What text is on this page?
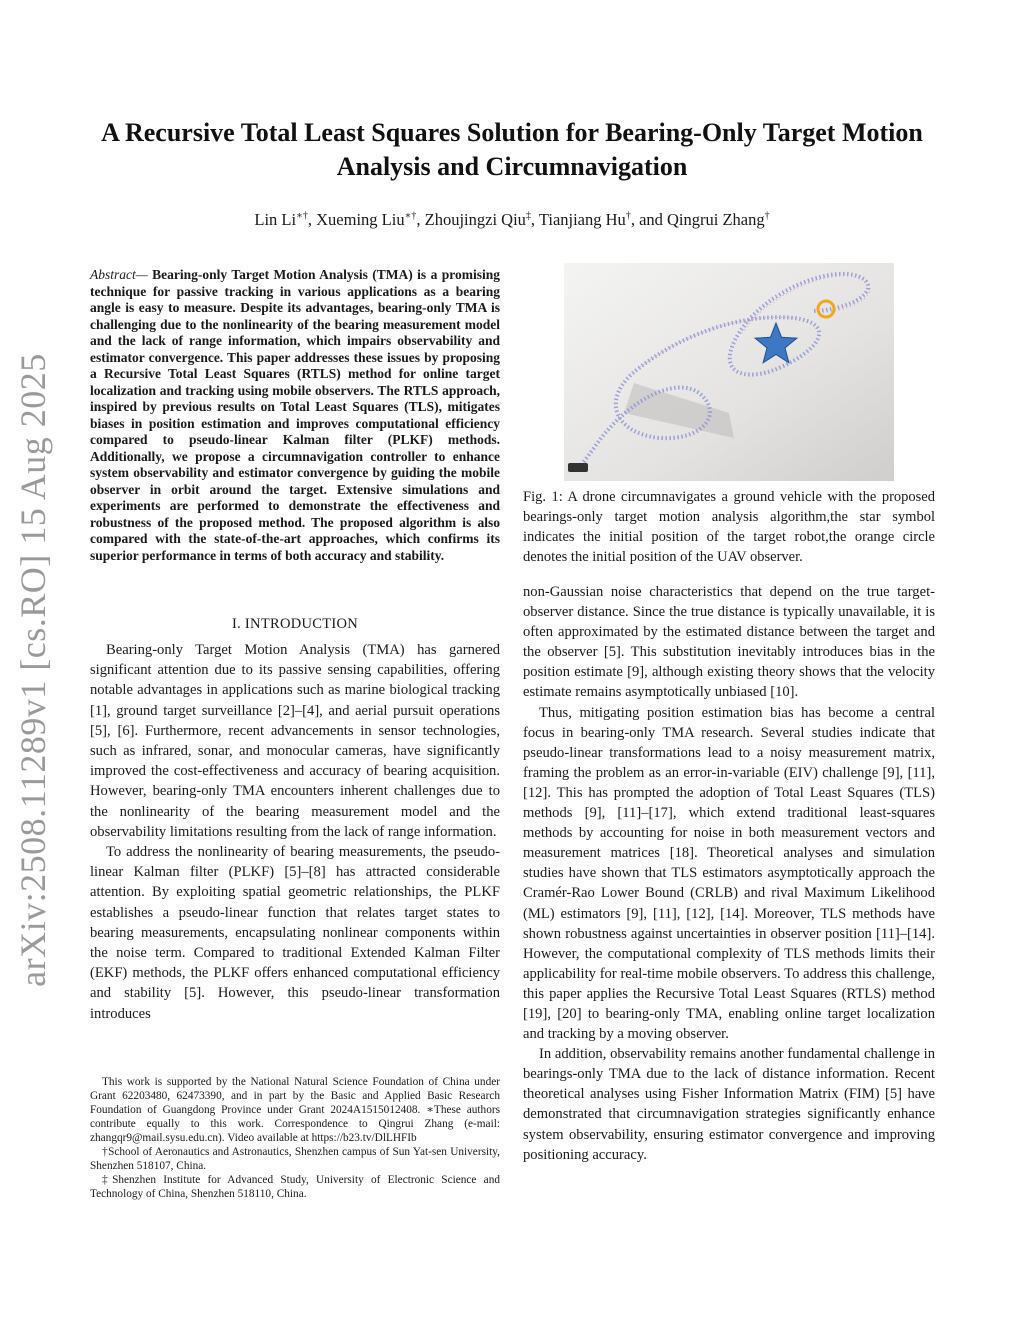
arXiv:2508.11289v1 [cs.RO] 15 Aug 2025
A Recursive Total Least Squares Solution for Bearing-Only Target Motion Analysis and Circumnavigation
Lin Li∗†, Xueming Liu∗†, Zhoujingzi Qiu‡, Tianjiang Hu†, and Qingrui Zhang†
Abstract— Bearing-only Target Motion Analysis (TMA) is a promising technique for passive tracking in various applications as a bearing angle is easy to measure. Despite its advantages, bearing-only TMA is challenging due to the nonlinearity of the bearing measurement model and the lack of range information, which impairs observability and estimator convergence. This paper addresses these issues by proposing a Recursive Total Least Squares (RTLS) method for online target localization and tracking using mobile observers. The RTLS approach, inspired by previous results on Total Least Squares (TLS), mitigates biases in position estimation and improves computational efficiency compared to pseudo-linear Kalman filter (PLKF) methods. Additionally, we propose a circumnavigation controller to enhance system observability and estimator convergence by guiding the mobile observer in orbit around the target. Extensive simulations and experiments are performed to demonstrate the effectiveness and robustness of the proposed method. The proposed algorithm is also compared with the state-of-the-art approaches, which confirms its superior performance in terms of both accuracy and stability.
I. INTRODUCTION

Bearing-only Target Motion Analysis (TMA) has garnered significant attention due to its passive sensing capabilities, offering notable advantages in applications such as marine biological tracking [1], ground target surveillance [2]–[4], and aerial pursuit operations [5], [6]. Furthermore, recent advancements in sensor technologies, such as infrared, sonar, and monocular cameras, have significantly improved the cost-effectiveness and accuracy of bearing acquisition. However, bearing-only TMA encounters inherent challenges due to the nonlinearity of the bearing measurement model and the observability limitations resulting from the lack of range information.

To address the nonlinearity of bearing measurements, the pseudo-linear Kalman filter (PLKF) [5]–[8] has attracted considerable attention. By exploiting spatial geometric relationships, the PLKF establishes a pseudo-linear function that relates target states to bearing measurements, encapsulating nonlinear components within the noise term. Compared to traditional Extended Kalman Filter (EKF) methods, the PLKF offers enhanced computational efficiency and stability [5]. However, this pseudo-linear transformation introduces

This work is supported by the National Natural Science Foundation of China under Grant 62203480, 62473390, and in part by the Basic and Applied Basic Research Foundation of Guangdong Province under Grant 2024A1515012408. ∗These authors contribute equally to this work. Correspondence to Qingrui Zhang (e-mail: zhangqr9@mail.sysu.edu.cn). Video available at https://b23.tv/DlLHFIb

†School of Aeronautics and Astronautics, Shenzhen campus of Sun Yat-sen University, Shenzhen 518107, China.

‡Shenzhen Institute for Advanced Study, University of Electronic Science and Technology of China, Shenzhen 518110, China.

Fig. 1: A drone circumnavigates a ground vehicle with the proposed bearings-only target motion analysis algorithm,the star symbol indicates the initial position of the target robot,the orange circle denotes the initial position of the UAV observer.

non-Gaussian noise characteristics that depend on the true target-observer distance. Since the true distance is typically unavailable, it is often approximated by the estimated distance between the target and the observer [5]. This substitution inevitably introduces bias in the position estimate [9], although existing theory shows that the velocity estimate remains asymptotically unbiased [10].

Thus, mitigating position estimation bias has become a central focus in bearing-only TMA research. Several studies indicate that pseudo-linear transformations lead to a noisy measurement matrix, framing the problem as an error-in-variable (EIV) challenge [9], [11], [12]. This has prompted the adoption of Total Least Squares (TLS) methods [9], [11]–[17], which extend traditional least-squares methods by accounting for noise in both measurement vectors and measurement matrices [18]. Theoretical analyses and simulation studies have shown that TLS estimators asymptotically approach the Cramér-Rao Lower Bound (CRLB) and rival Maximum Likelihood (ML) estimators [9], [11], [12], [14]. Moreover, TLS methods have shown robustness against uncertainties in observer position [11]–[14]. However, the computational complexity of TLS methods limits their applicability for real-time mobile observers. To address this challenge, this paper applies the Recursive Total Least Squares (RTLS) method [19], [20] to bearing-only TMA, enabling online target localization and tracking by a moving observer.

In addition, observability remains another fundamental challenge in bearings-only TMA due to the lack of distance information. Recent theoretical analyses using Fisher Information Matrix (FIM) [5] have demonstrated that circumnavigation strategies significantly enhance system observability, ensuring estimator convergence and improving positioning accuracy.
